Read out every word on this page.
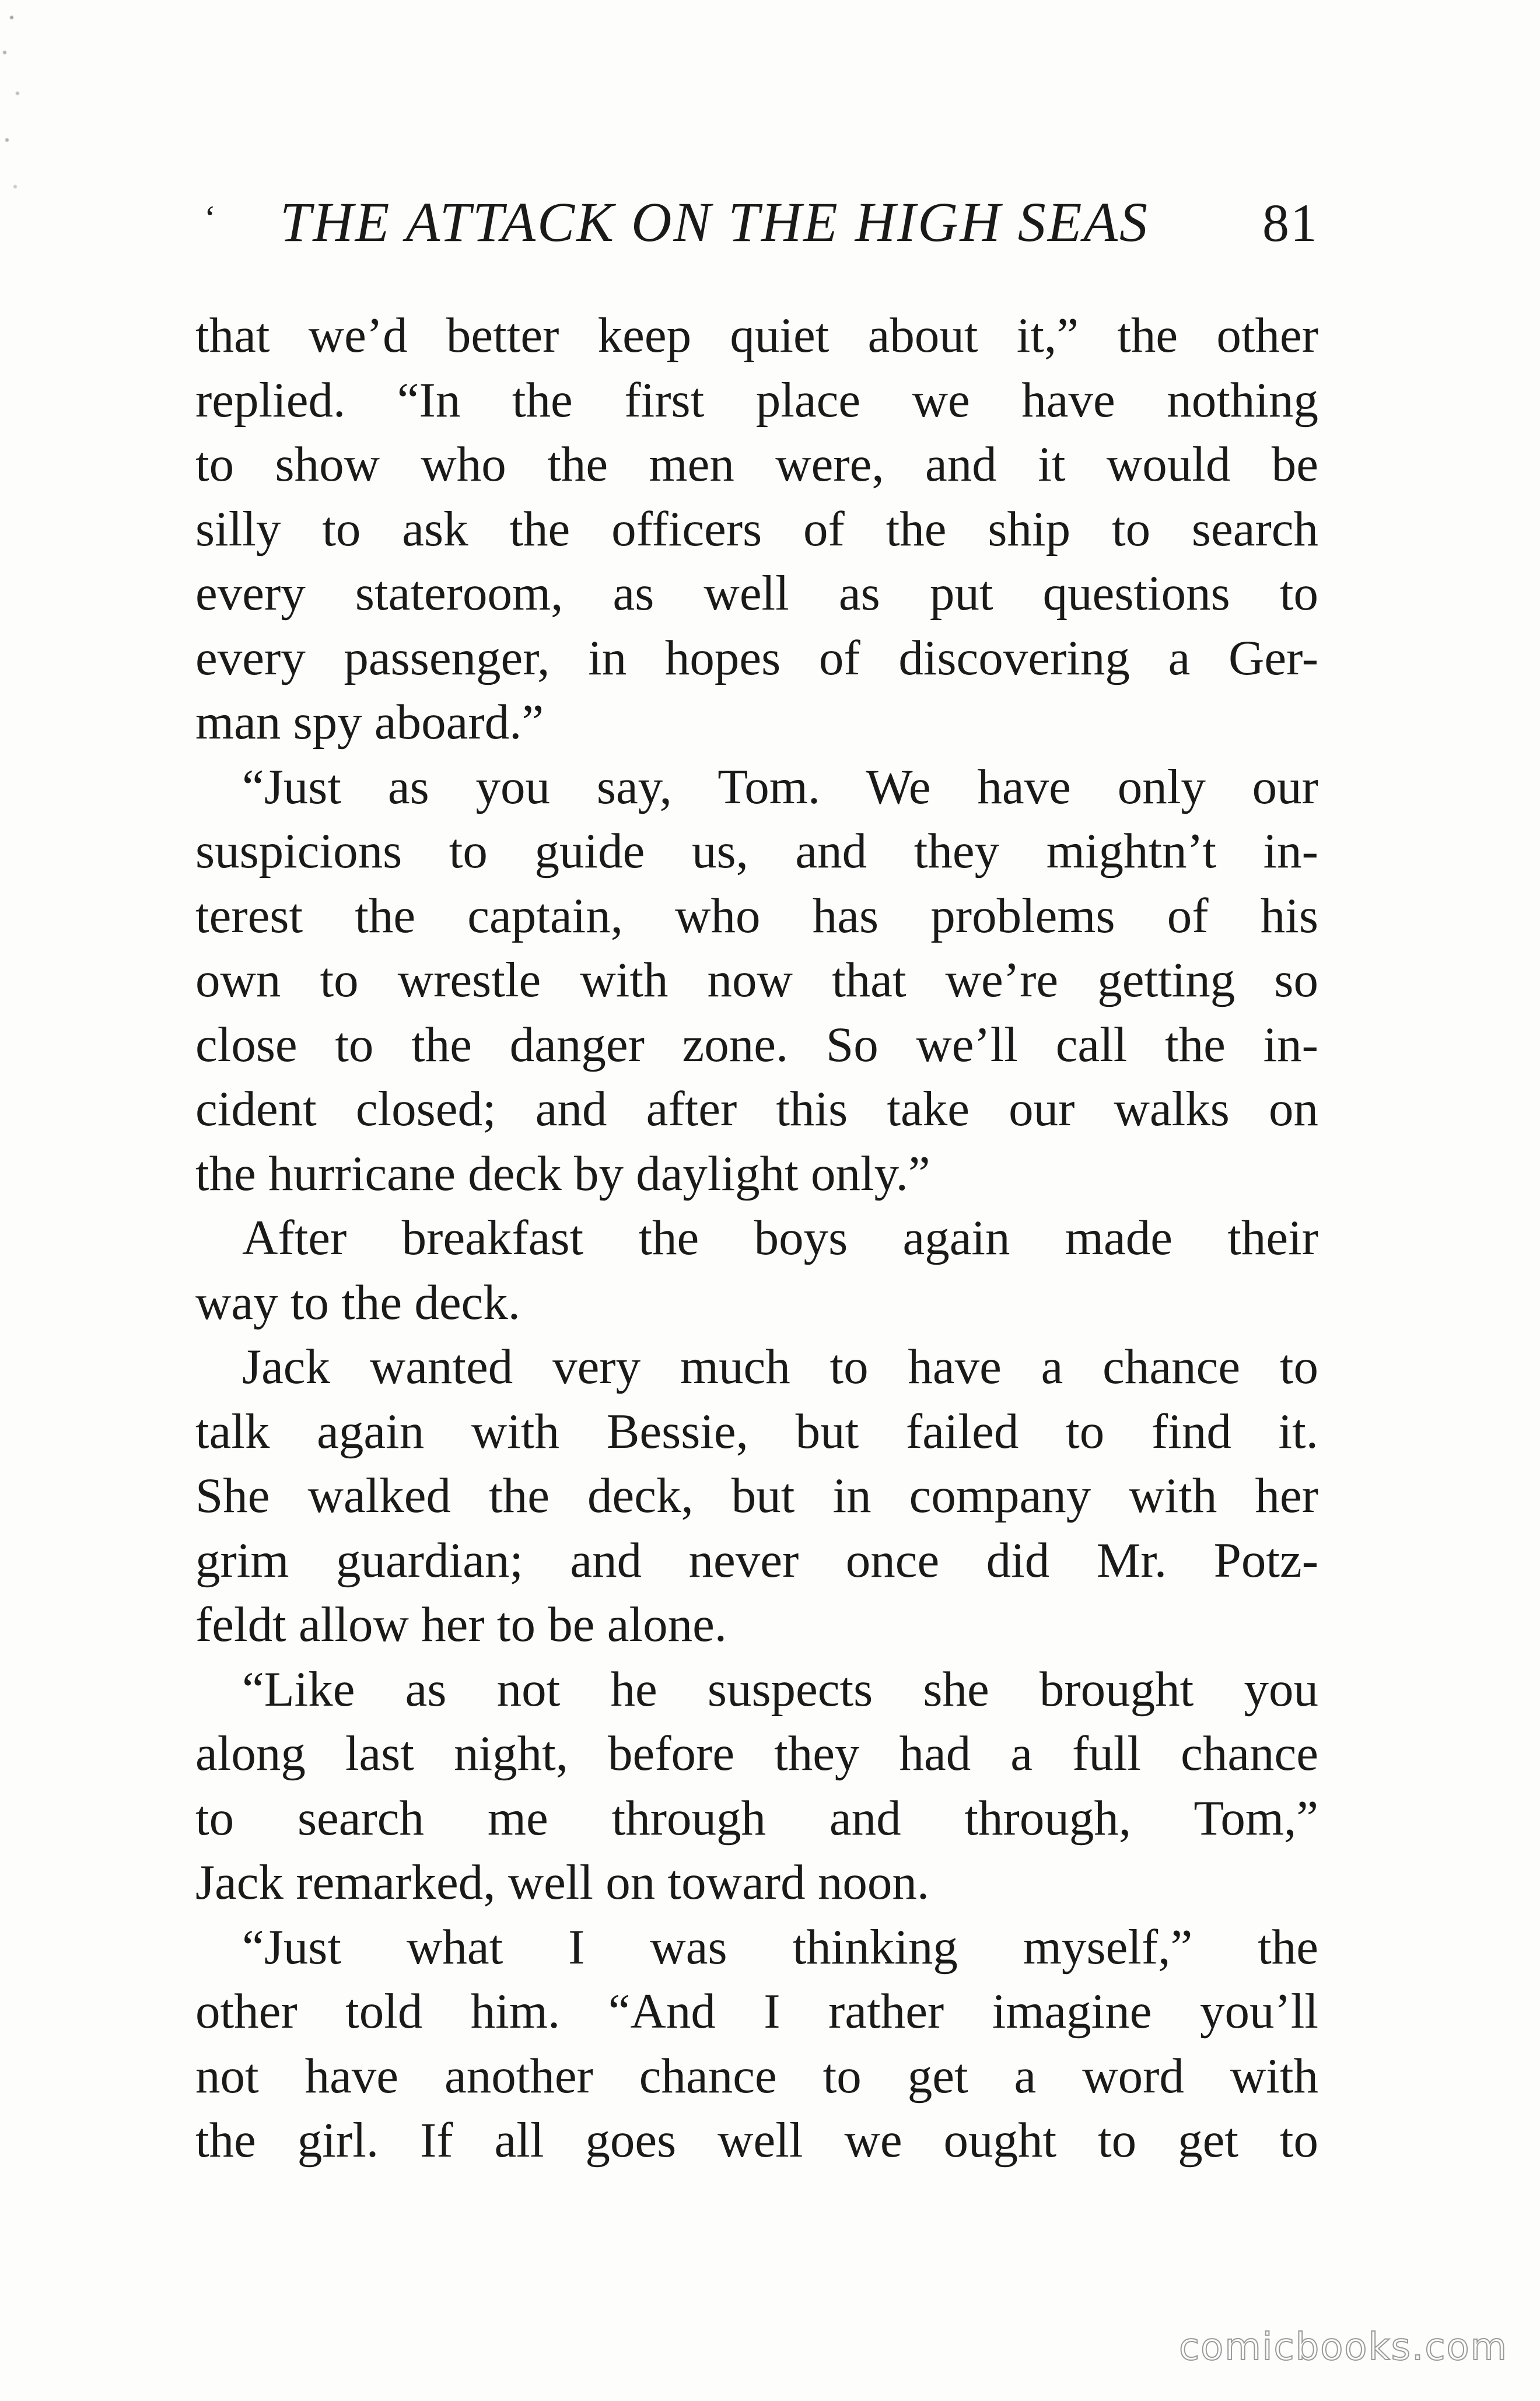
ʻ THE ATTACK ON THE HIGH SEAS 81
that we’d better keep quiet about it,” the other
replied. “In the first place we have nothing
to show who the men were, and it would be
silly to ask the officers of the ship to search
every stateroom, as well as put questions to
every passenger, in hopes of discovering a Ger-
man spy aboard.”
“Just as you say, Tom. We have only our
suspicions to guide us, and they mightn’t in-
terest the captain, who has problems of his
own to wrestle with now that we’re getting so
close to the danger zone. So we’ll call the in-
cident closed; and after this take our walks on
the hurricane deck by daylight only.”
After breakfast the boys again made their
way to the deck.
Jack wanted very much to have a chance to
talk again with Bessie, but failed to find it.
She walked the deck, but in company with her
grim guardian; and never once did Mr. Potz-
feldt allow her to be alone.
“Like as not he suspects she brought you
along last night, before they had a full chance
to search me through and through, Tom,”
Jack remarked, well on toward noon.
“Just what I was thinking myself,” the
other told him. “And I rather imagine you’ll
not have another chance to get a word with
the girl. If all goes well we ought to get to
comicbooks.com
